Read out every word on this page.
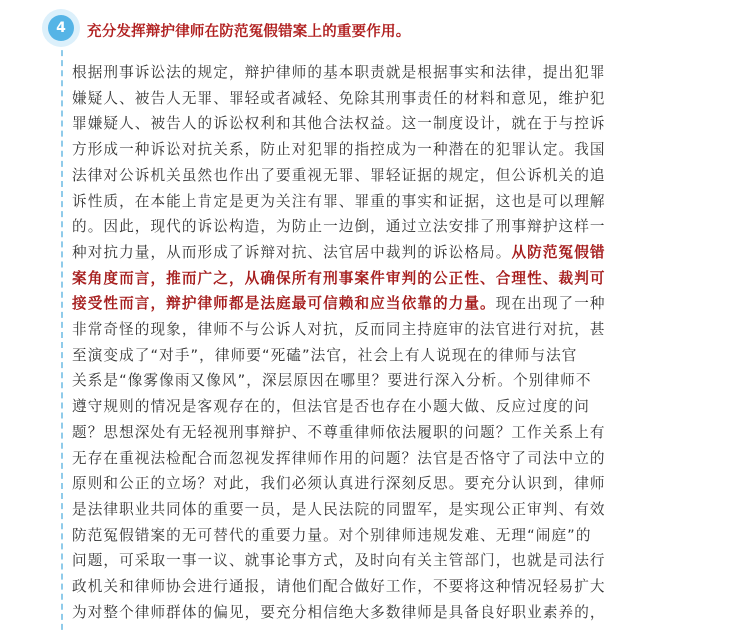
4	充分发挥辩护律师在防范冤假错案上的重要作用。
根据刑事诉讼法的规定，辩护律师的基本职责就是根据事实和法律，提出犯罪
嫌疑人、被告人无罪、罪轻或者减轻、免除其刑事责任的材料和意见，维护犯
罪嫌疑人、被告人的诉讼权利和其他合法权益。这一制度设计，就在于与控诉
方形成一种诉讼对抗关系，防止对犯罪的指控成为一种潜在的犯罪认定。我国
法律对公诉机关虽然也作出了要重视无罪、罪轻证据的规定，但公诉机关的追
诉性质，在本能上肯定是更为关注有罪、罪重的事实和证据，这也是可以理解
的。因此，现代的诉讼构造，为防止一边倒，通过立法安排了刑事辩护这样一
种对抗力量，从而形成了诉辩对抗、法官居中裁判的诉讼格局。从防范冤假错
案角度而言，推而广之，从确保所有刑事案件审判的公正性、合理性、裁判可
接受性而言，辩护律师都是法庭最可信赖和应当依靠的力量。现在出现了一种
非常奇怪的现象，律师不与公诉人对抗，反而同主持庭审的法官进行对抗，甚
至演变成了“对手”，律师要“死磕”法官，社会上有人说现在的律师与法官
关系是“像雾像雨又像风”，深层原因在哪里？要进行深入分析。个别律师不
遵守规则的情况是客观存在的，但法官是否也存在小题大做、反应过度的问
题？思想深处有无轻视刑事辩护、不尊重律师依法履职的问题？工作关系上有
无存在重视法检配合而忽视发挥律师作用的问题？法官是否恪守了司法中立的
原则和公正的立场？对此，我们必须认真进行深刻反思。要充分认识到，律师
是法律职业共同体的重要一员，是人民法院的同盟军，是实现公正审判、有效
防范冤假错案的无可替代的重要力量。对个别律师违规发难、无理“闹庭”的
问题，可采取一事一议、就事论事方式，及时向有关主管部门，也就是司法行
政机关和律师协会进行通报，请他们配合做好工作，不要将这种情况轻易扩大
为对整个律师群体的偏见，要充分相信绝大多数律师是具备良好职业素养的，
